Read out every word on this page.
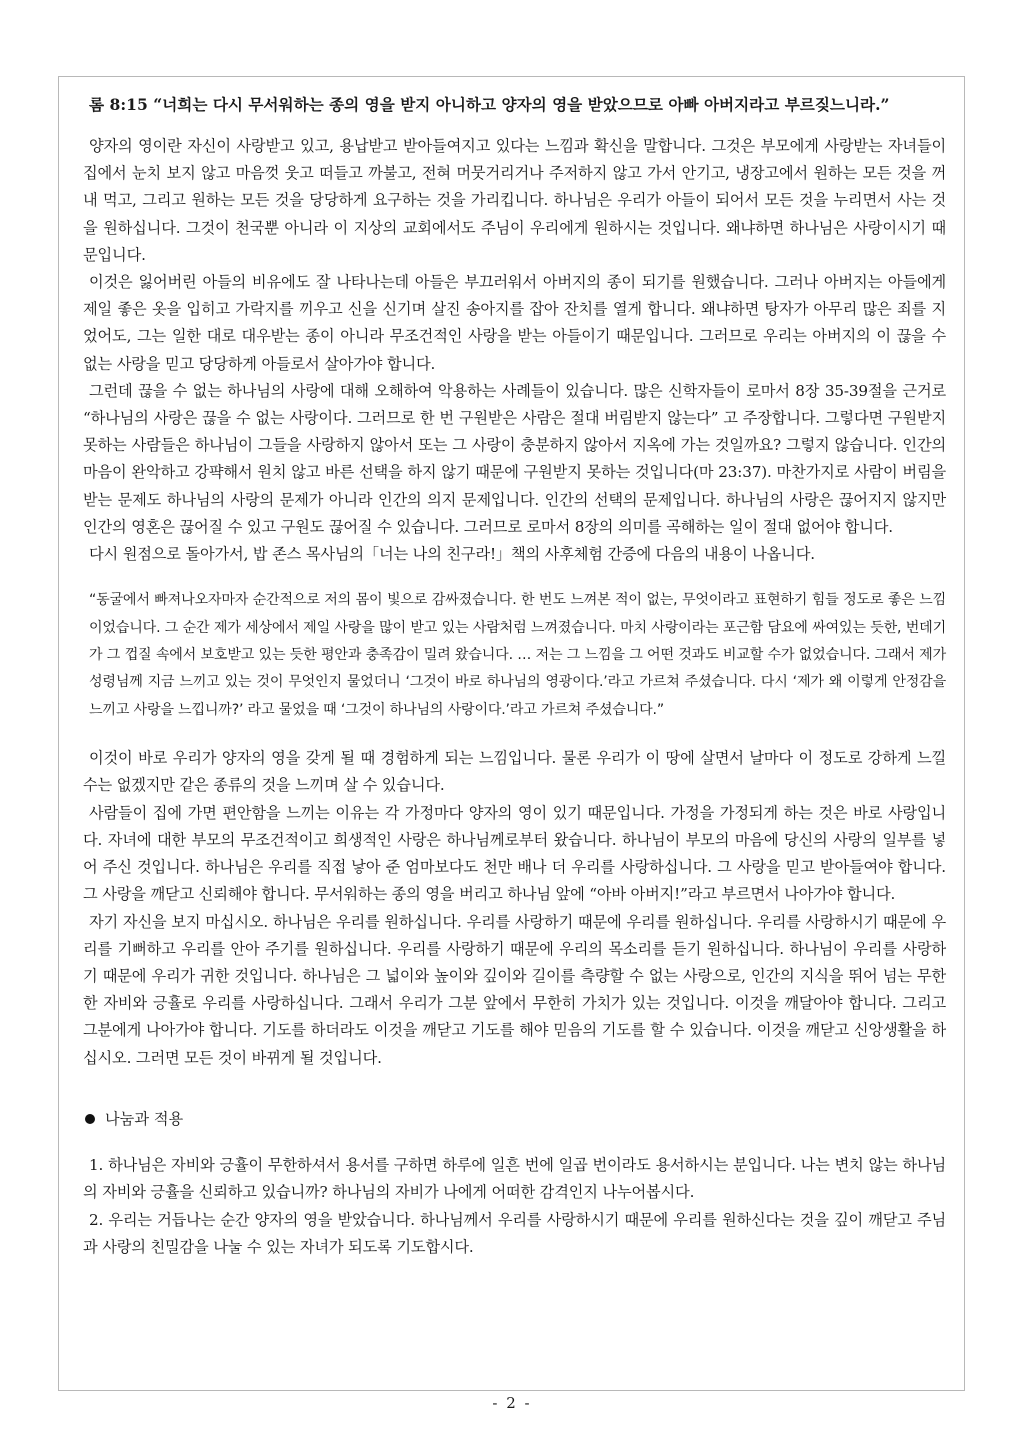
롬 8:15 “너희는 다시 무서워하는 종의 영을 받지 아니하고 양자의 영을 받았으므로 아빠 아버지라고 부르짖느니라.”

양자의 영이란 자신이 사랑받고 있고, 용납받고 받아들여지고 있다는 느낌과 확신을 말합니다. 그것은 부모에게 사랑받는 자녀들이 집에서 눈치 보지 않고 마음껏 웃고 떠들고 까불고, 전혀 머뭇거리거나 주저하지 않고 가서 안기고, 냉장고에서 원하는 모든 것을 꺼내 먹고, 그리고 원하는 모든 것을 당당하게 요구하는 것을 가리킵니다. 하나님은 우리가 아들이 되어서 모든 것을 누리면서 사는 것을 원하십니다. 그것이 천국뿐 아니라 이 지상의 교회에서도 주님이 우리에게 원하시는 것입니다. 왜냐하면 하나님은 사랑이시기 때문입니다.

이것은 잃어버린 아들의 비유에도 잘 나타나는데 아들은 부끄러워서 아버지의 종이 되기를 원했습니다. 그러나 아버지는 아들에게 제일 좋은 옷을 입히고 가락지를 끼우고 신을 신기며 살진 송아지를 잡아 잔치를 열게 합니다. 왜냐하면 탕자가 아무리 많은 죄를 지었어도, 그는 일한 대로 대우받는 종이 아니라 무조건적인 사랑을 받는 아들이기 때문입니다. 그러므로 우리는 아버지의 이 끊을 수 없는 사랑을 믿고 당당하게 아들로서 살아가야 합니다.

그런데 끊을 수 없는 하나님의 사랑에 대해 오해하여 악용하는 사례들이 있습니다. 많은 신학자들이 로마서 8장 35-39절을 근거로 “하나님의 사랑은 끊을 수 없는 사랑이다. 그러므로 한 번 구원받은 사람은 절대 버림받지 않는다” 고 주장합니다. 그렇다면 구원받지 못하는 사람들은 하나님이 그들을 사랑하지 않아서 또는 그 사랑이 충분하지 않아서 지옥에 가는 것일까요? 그렇지 않습니다. 인간의 마음이 완악하고 강퍅해서 원치 않고 바른 선택을 하지 않기 때문에 구원받지 못하는 것입니다(마 23:37). 마찬가지로 사람이 버림을 받는 문제도 하나님의 사랑의 문제가 아니라 인간의 의지 문제입니다. 인간의 선택의 문제입니다. 하나님의 사랑은 끊어지지 않지만 인간의 영혼은 끊어질 수 있고 구원도 끊어질 수 있습니다. 그러므로 로마서 8장의 의미를 곡해하는 일이 절대 없어야 합니다.

다시 원점으로 돌아가서, 밥 존스 목사님의「너는 나의 친구라!」책의 사후체험 간증에 다음의 내용이 나옵니다.

“동굴에서 빠져나오자마자 순간적으로 저의 몸이 빛으로 감싸졌습니다. 한 번도 느껴본 적이 없는, 무엇이라고 표현하기 힘들 정도로 좋은 느낌이었습니다. 그 순간 제가 세상에서 제일 사랑을 많이 받고 있는 사람처럼 느껴졌습니다. 마치 사랑이라는 포근함 담요에 싸여있는 듯한, 번데기가 그 껍질 속에서 보호받고 있는 듯한 평안과 충족감이 밀려 왔습니다. … 저는 그 느낌을 그 어떤 것과도 비교할 수가 없었습니다. 그래서 제가 성령님께 지금 느끼고 있는 것이 무엇인지 물었더니 ‘그것이 바로 하나님의 영광이다.’라고 가르쳐 주셨습니다. 다시 ‘제가 왜 이렇게 안정감을 느끼고 사랑을 느낍니까?’ 라고 물었을 때 ‘그것이 하나님의 사랑이다.’라고 가르쳐 주셨습니다.”

이것이 바로 우리가 양자의 영을 갖게 될 때 경험하게 되는 느낌입니다. 물론 우리가 이 땅에 살면서 날마다 이 정도로 강하게 느낄 수는 없겠지만 같은 종류의 것을 느끼며 살 수 있습니다.

사람들이 집에 가면 편안함을 느끼는 이유는 각 가정마다 양자의 영이 있기 때문입니다. 가정을 가정되게 하는 것은 바로 사랑입니다. 자녀에 대한 부모의 무조건적이고 희생적인 사랑은 하나님께로부터 왔습니다. 하나님이 부모의 마음에 당신의 사랑의 일부를 넣어 주신 것입니다. 하나님은 우리를 직접 낳아 준 엄마보다도 천만 배나 더 우리를 사랑하십니다. 그 사랑을 믿고 받아들여야 합니다. 그 사랑을 깨닫고 신뢰해야 합니다. 무서워하는 종의 영을 버리고 하나님 앞에 “아바 아버지!”라고 부르면서 나아가야 합니다.

자기 자신을 보지 마십시오. 하나님은 우리를 원하십니다. 우리를 사랑하기 때문에 우리를 원하십니다. 우리를 사랑하시기 때문에 우리를 기뻐하고 우리를 안아 주기를 원하십니다. 우리를 사랑하기 때문에 우리의 목소리를 듣기 원하십니다. 하나님이 우리를 사랑하기 때문에 우리가 귀한 것입니다. 하나님은 그 넓이와 높이와 깊이와 길이를 측량할 수 없는 사랑으로, 인간의 지식을 뛰어 넘는 무한한 자비와 긍휼로 우리를 사랑하십니다. 그래서 우리가 그분 앞에서 무한히 가치가 있는 것입니다. 이것을 깨달아야 합니다. 그리고 그분에게 나아가야 합니다. 기도를 하더라도 이것을 깨닫고 기도를 해야 믿음의 기도를 할 수 있습니다. 이것을 깨닫고 신앙생활을 하십시오. 그러면 모든 것이 바뀌게 될 것입니다.

나눔과 적용

1. 하나님은 자비와 긍휼이 무한하셔서 용서를 구하면 하루에 일흔 번에 일곱 번이라도 용서하시는 분입니다. 나는 변치 않는 하나님의 자비와 긍휼을 신뢰하고 있습니까? 하나님의 자비가 나에게 어떠한 감격인지 나누어봅시다.

2. 우리는 거듭나는 순간 양자의 영을 받았습니다. 하나님께서 우리를 사랑하시기 때문에 우리를 원하신다는 것을 깊이 깨닫고 주님과 사랑의 친밀감을 나눌 수 있는 자녀가 되도록 기도합시다.

- 2 -
